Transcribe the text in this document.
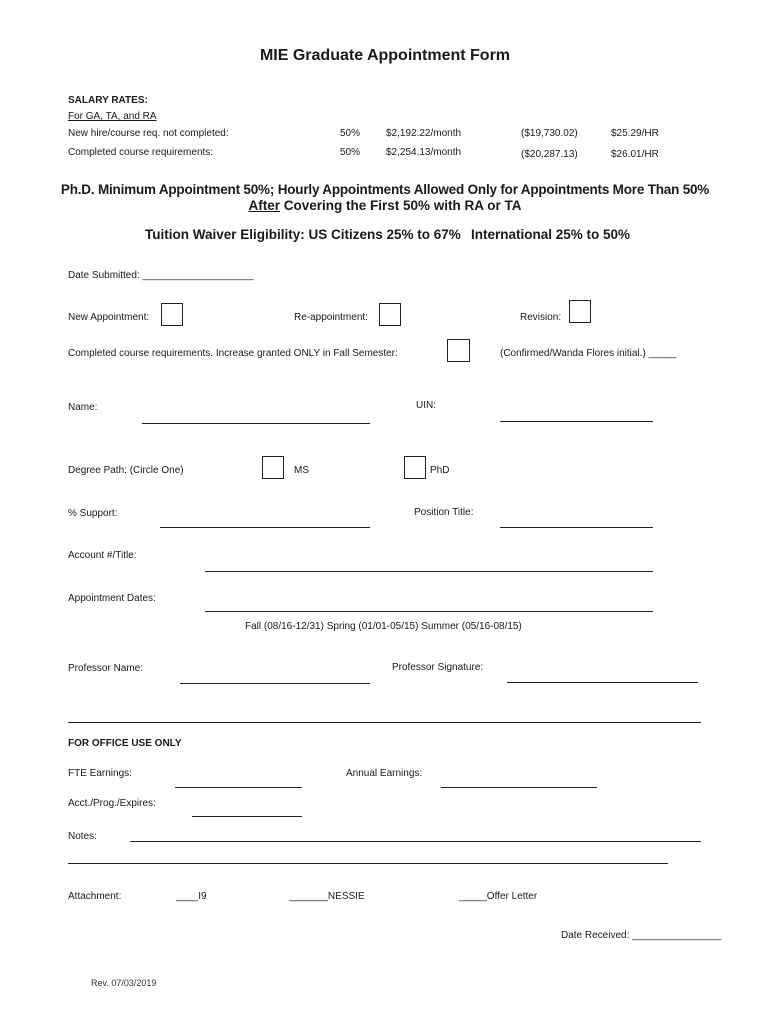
MIE Graduate Appointment Form
SALARY RATES:
For GA, TA, and RA
New hire/course req. not completed:	50%	$2,192.22/month	($19,730.02)	$25.29/HR
Completed course requirements:	50%	$2,254.13/month	($20,287.13)	$26.01/HR
Ph.D. Minimum Appointment 50%; Hourly Appointments Allowed Only for Appointments More Than 50%
After Covering the First 50% with RA or TA
Tuition Waiver Eligibility: US Citizens 25% to 67% International 25% to 50%
Date Submitted: ____________________
New Appointment:	Re-appointment:	Revision:
Completed course requirements. Increase granted ONLY in Fall Semester:	(Confirmed/Wanda Flores initial.) _____
Name:	UIN:
Degree Path: (Circle One)	MS	PhD
% Support:	Position Title:
Account #/Title:
Appointment Dates:
Fall (08/16-12/31) Spring (01/01-05/15) Summer (05/16-08/15)
Professor Name:	Professor Signature:
FOR OFFICE USE ONLY
FTE Earnings:	Annual Earnings:
Acct./Prog./Expires:
Notes:
Attachment:	____I9	_______NESSIE	_____Offer Letter
Date Received: ________________
Rev. 07/03/2019
